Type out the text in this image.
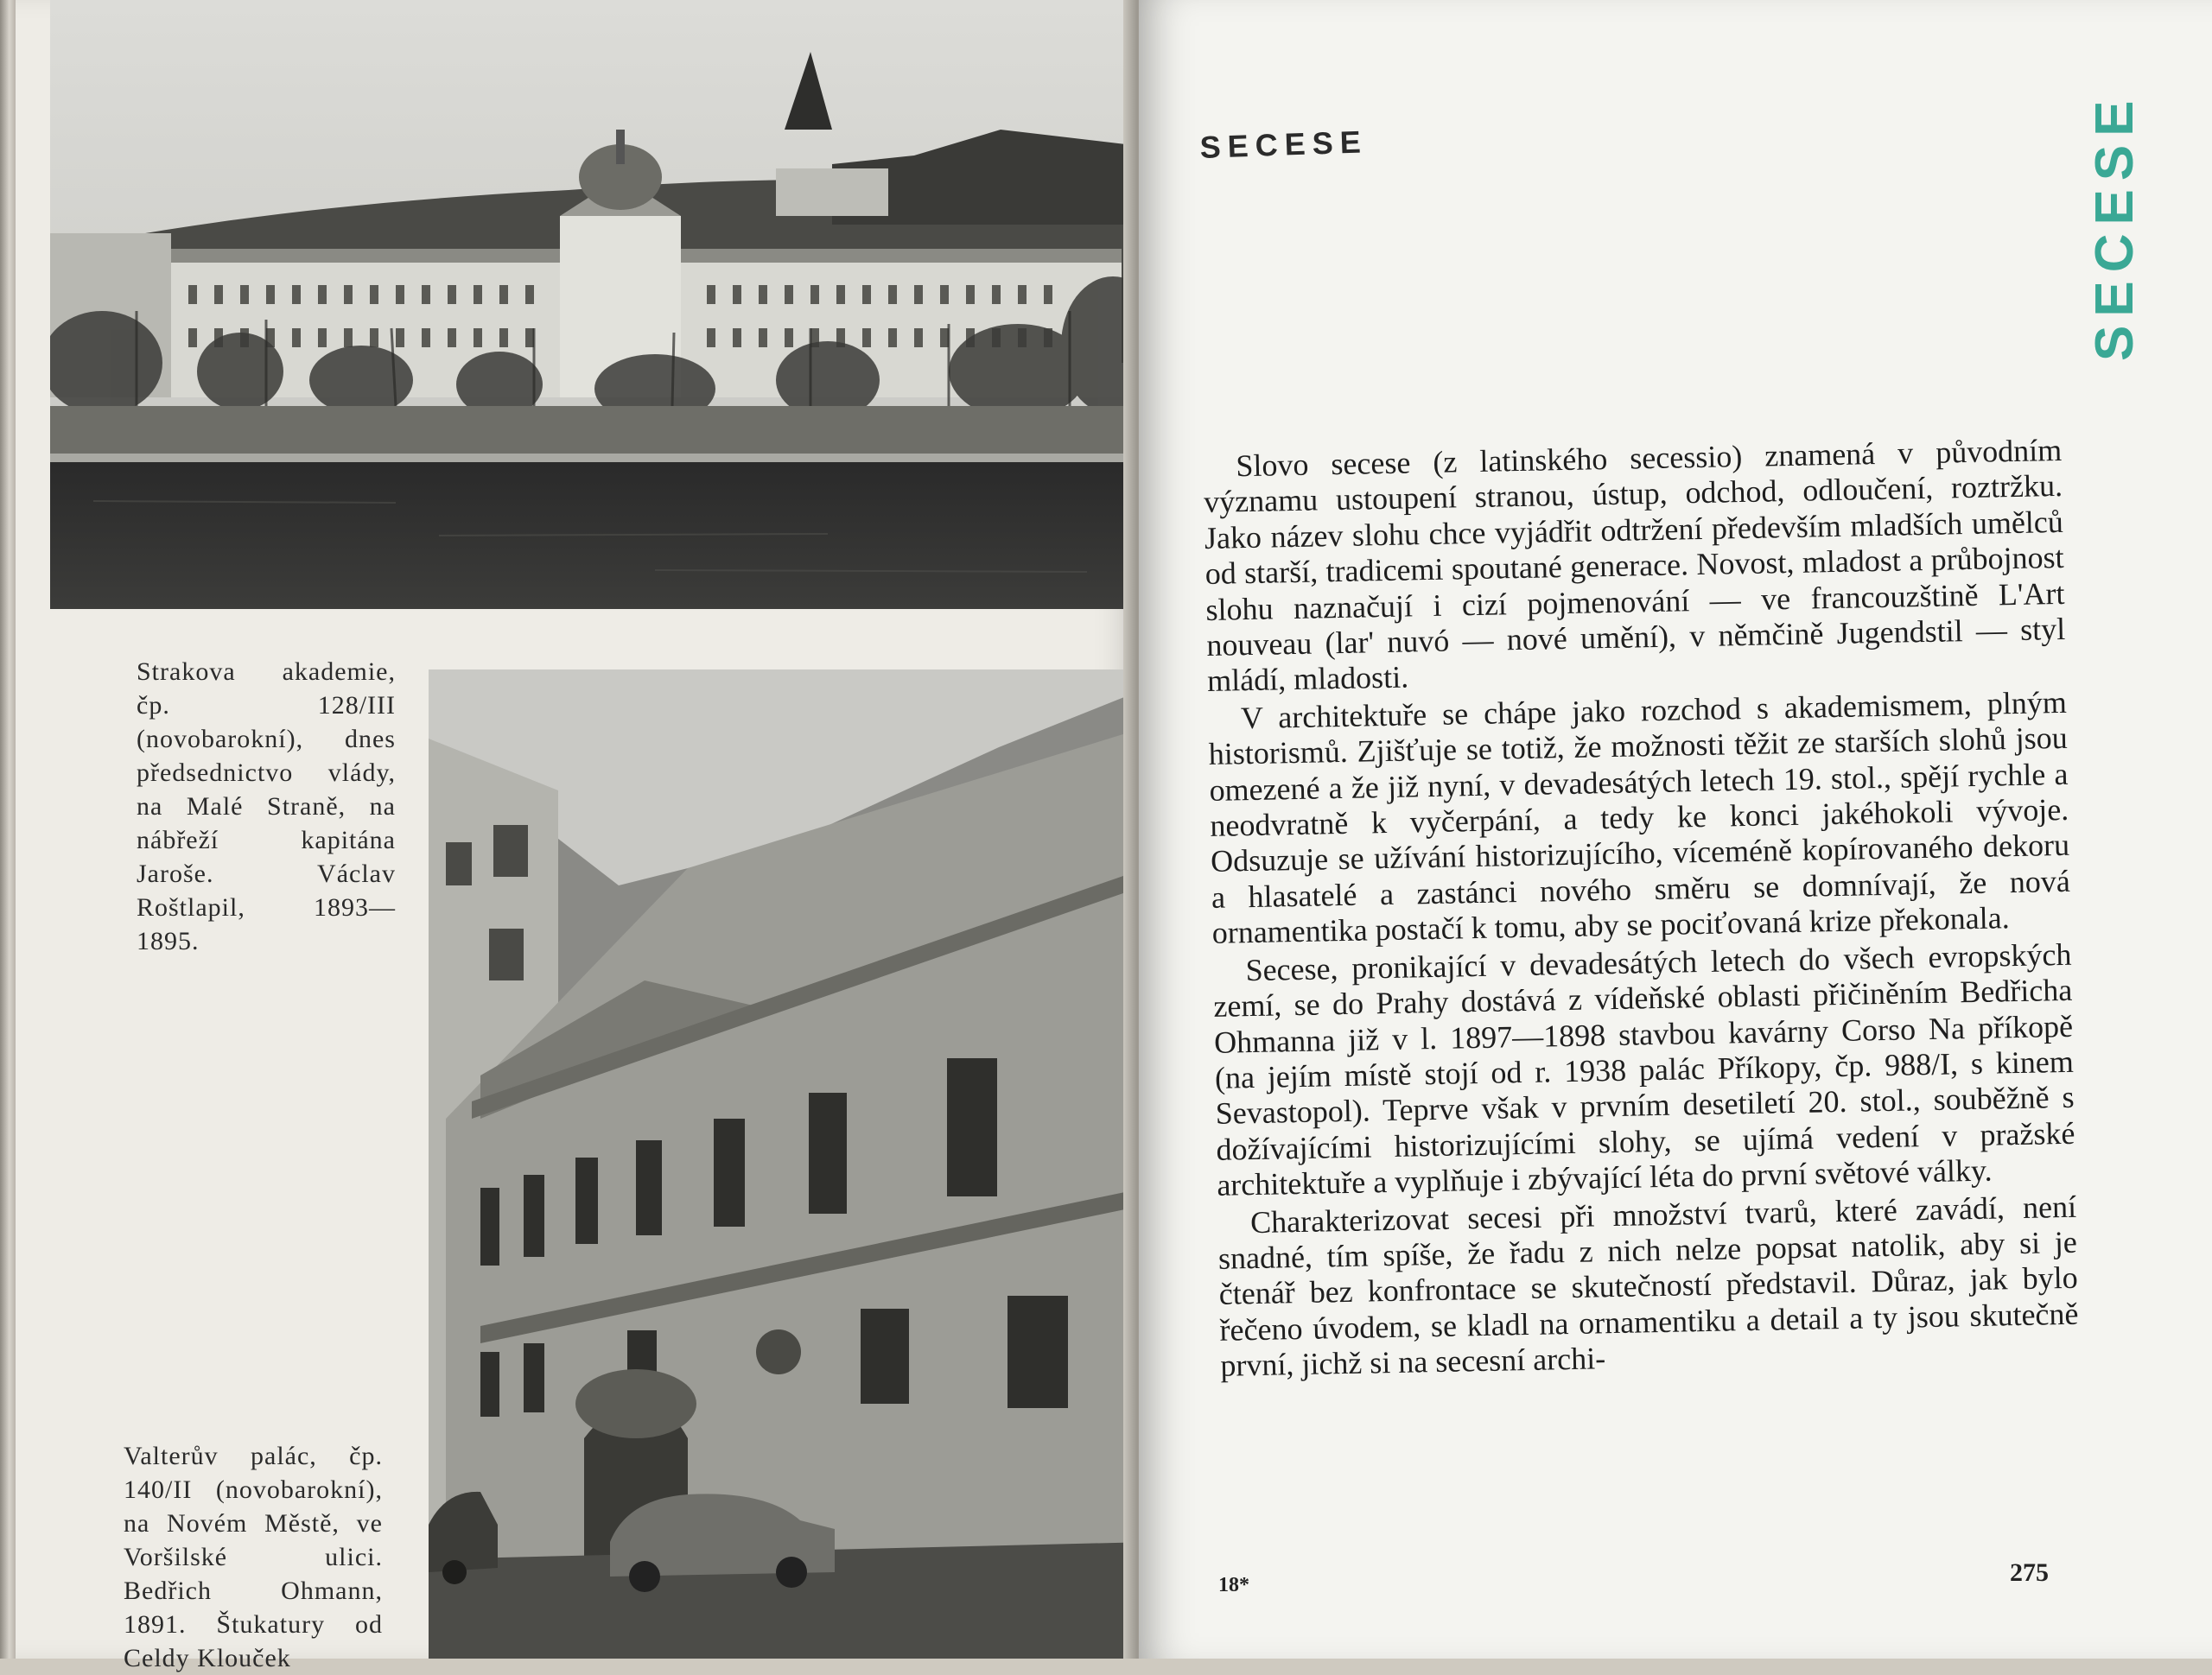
Strakova akademie, čp. 128/III (novobarokní), dnes předsednictvo vlády, na Malé Straně, na nábřeží kapitána Jaroše. Václav Roštlapil, 1893—1895.
Valterův palác, čp. 140/II (novobarokní), na Novém Městě, ve Voršilské ulici. Bedřich Ohmann, 1891. Štukatury od Celdy Klouček
SECESE	SECESE

Slovo secese (z latinského secessio) znamená v původním významu ustoupení stranou, ústup, odchod, odloučení, roztržku. Jako název slohu chce vyjádřit odtržení především mladších umělců od starší, tradicemi spoutané generace. Novost, mladost a průbojnost slohu naznačují i cizí pojmenování — ve francouzštině L'Art nouveau (lar' nuvó — nové umění), v němčině Jugendstil — styl mládí, mladosti.

V architektuře se chápe jako rozchod s akademismem, plným historismů. Zjišťuje se totiž, že možnosti těžit ze starších slohů jsou omezené a že již nyní, v devadesátých letech 19. stol., spějí rychle a neodvratně k vyčerpání, a tedy ke konci jakéhokoli vývoje. Odsuzuje se užívání historizujícího, víceméně kopírovaného dekoru a hlasatelé a zastánci nového směru se domnívají, že nová ornamentika postačí k tomu, aby se pociťovaná krize překonala.

Secese, pronikající v devadesátých letech do všech evropských zemí, se do Prahy dostává z vídeňské oblasti přičiněním Bedřicha Ohmanna již v l. 1897—1898 stavbou kavárny Corso Na příkopě (na jejím místě stojí od r. 1938 palác Příkopy, čp. 988/I, s kinem Sevastopol). Teprve však v prvním desetiletí 20. stol., souběžně s dožívajícími historizujícími slohy, se ujímá vedení v pražské architektuře a vyplňuje i zbývající léta do první světové války.

Charakterizovat secesi při množství tvarů, které zavádí, není snadné, tím spíše, že řadu z nich nelze popsat natolik, aby si je čtenář bez konfrontace se skutečností představil. Důraz, jak bylo řečeno úvodem, se kladl na ornamentiku a detail a ty jsou skutečně první, jichž si na secesní archi-

18*	275
